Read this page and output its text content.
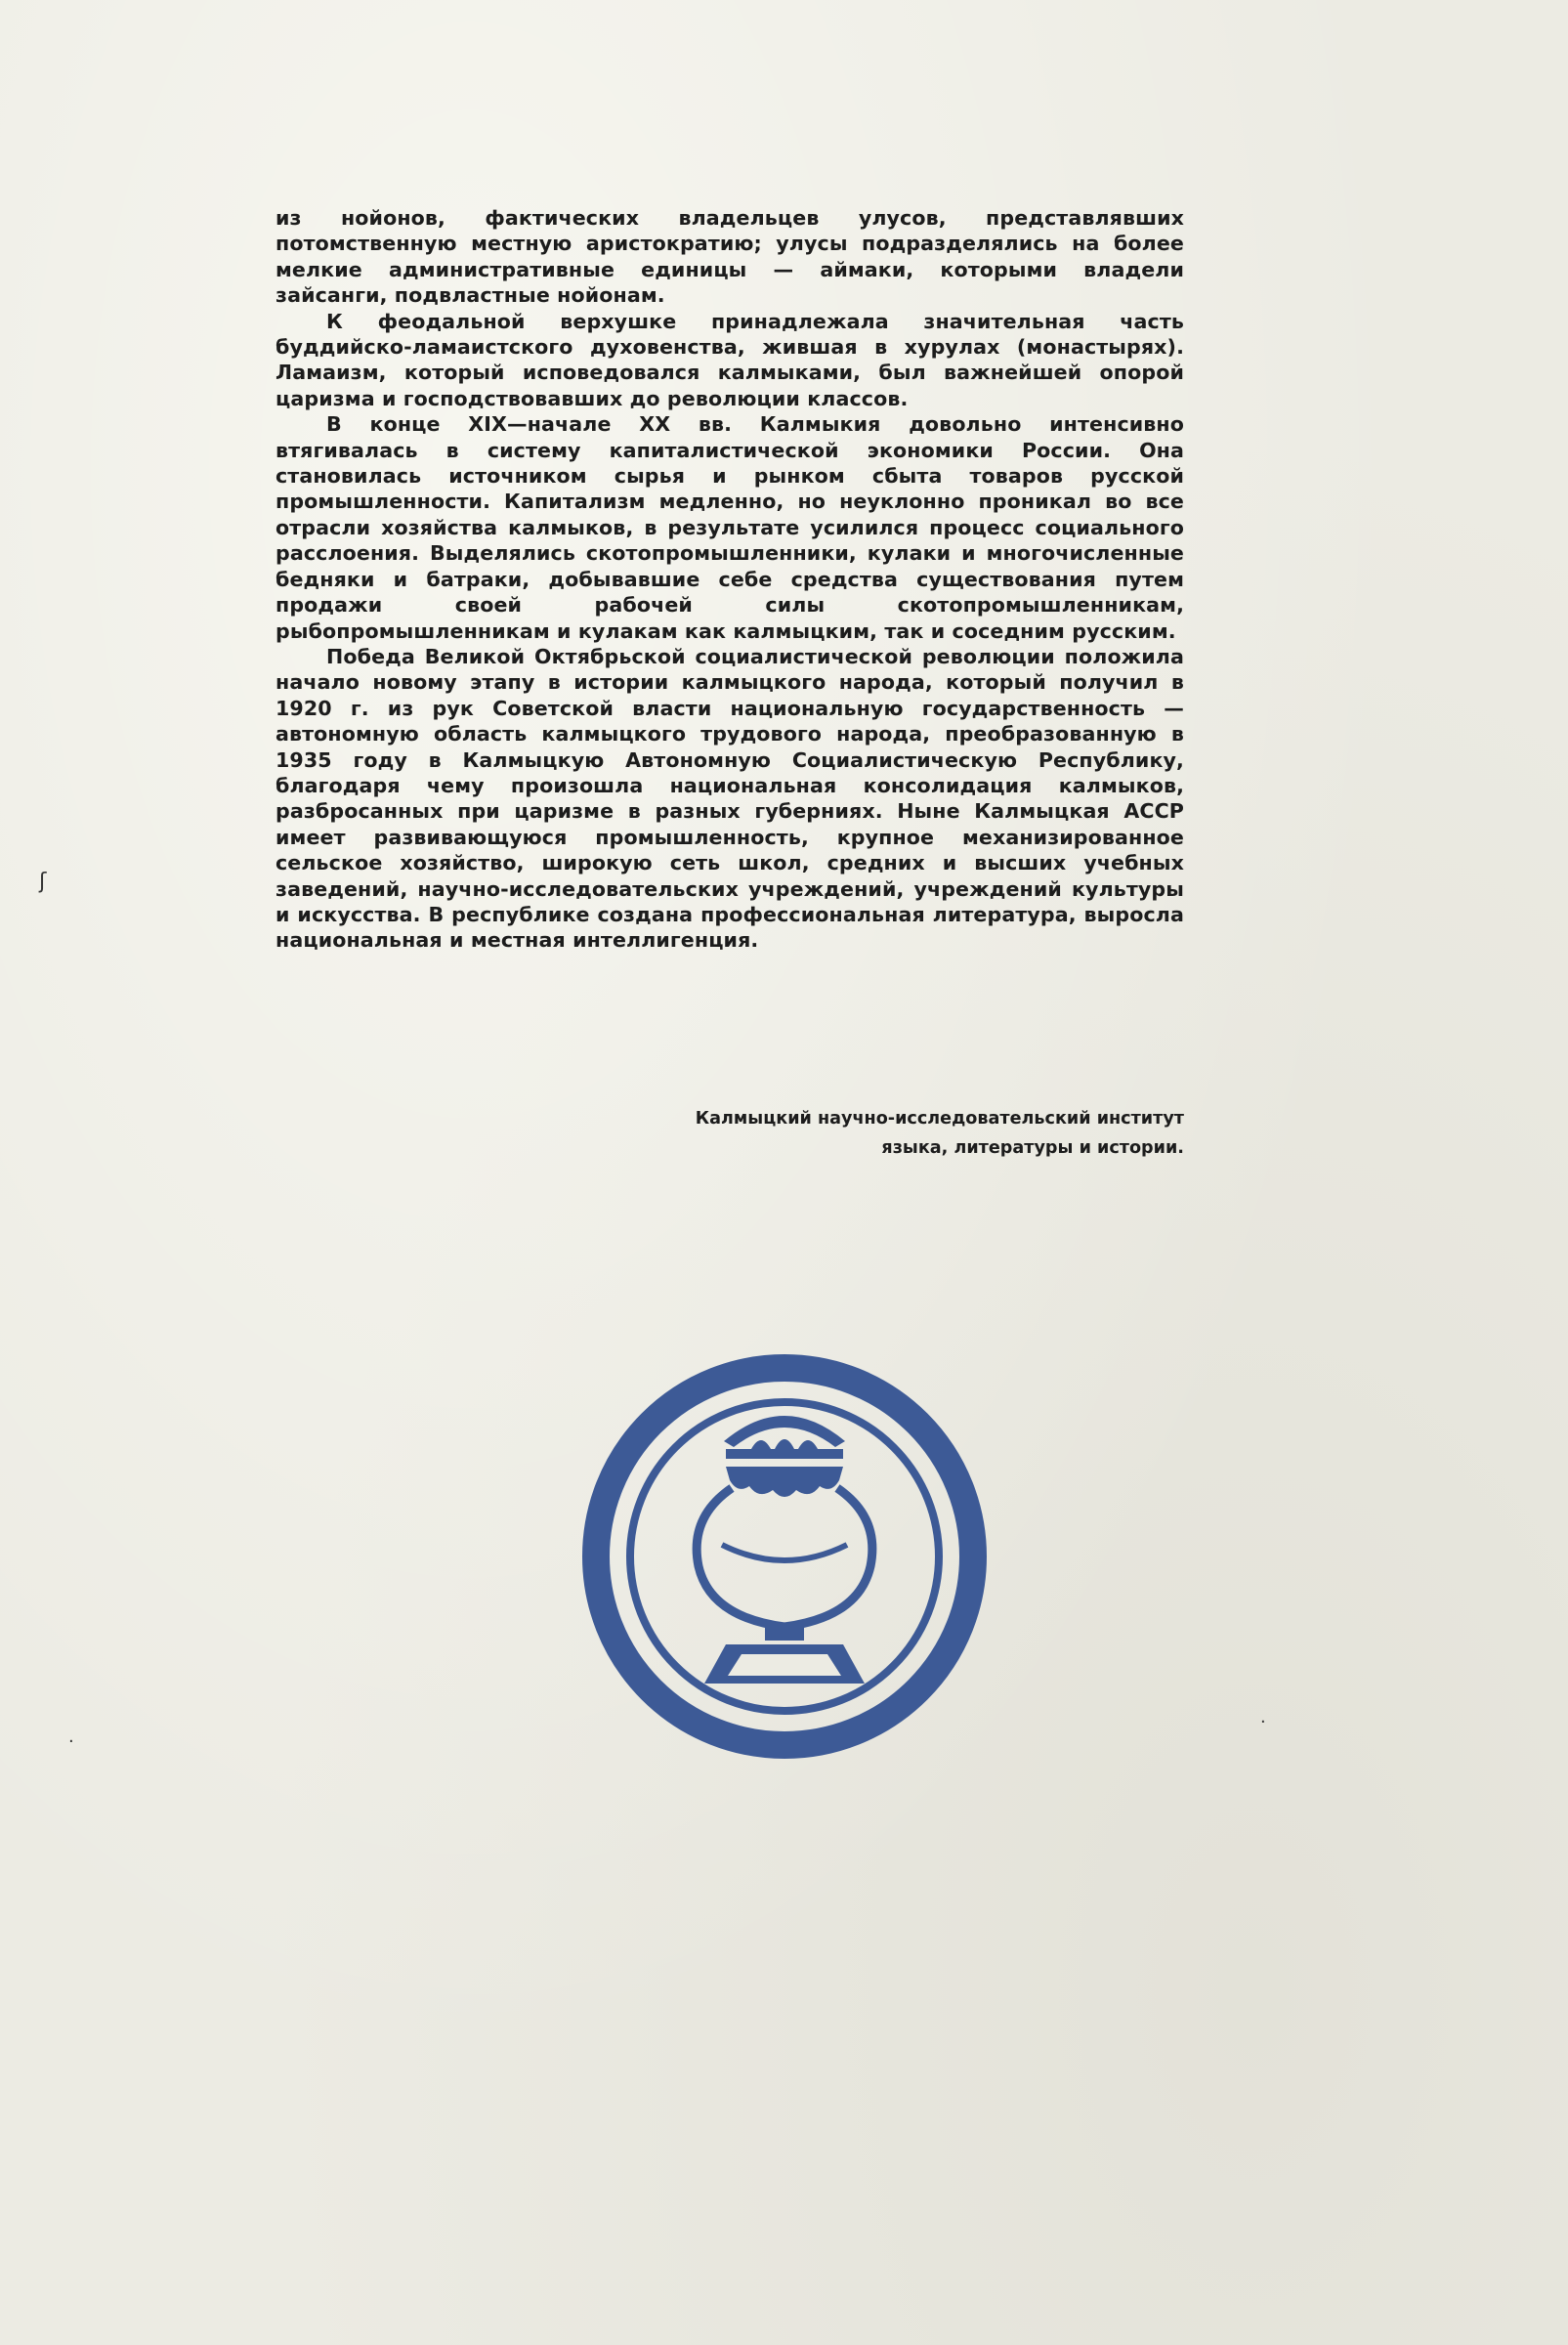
из нойонов, фактических владельцев улусов, представлявших потомственную местную аристократию; улусы подразделялись на более мелкие административные единицы — аймаки, которыми владели зайсанги, подвластные нойонам.

К феодальной верхушке принадлежала значительная часть буддийско-ламаистского духовенства, жившая в хурулах (монастырях). Ламаизм, который исповедовался калмыками, был важнейшей опорой царизма и господствовавших до революции классов.

В конце XIX—начале XX вв. Калмыкия довольно интенсивно втягивалась в систему капиталистической экономики России. Она становилась источником сырья и рынком сбыта товаров русской промышленности. Капитализм медленно, но неуклонно проникал во все отрасли хозяйства калмыков, в результате усилился процесс социального расслоения. Выделялись скотопромышленники, кулаки и многочисленные бедняки и батраки, добывавшие себе средства существования путем продажи своей рабочей силы скотопромышленникам, рыбопромышленникам и кулакам как калмыцким, так и соседним русским.

Победа Великой Октябрьской социалистической революции положила начало новому этапу в истории калмыцкого народа, который получил в 1920 г. из рук Советской власти национальную государственность — автономную область калмыцкого трудового народа, преобразованную в 1935 году в Калмыцкую Автономную Социалистическую Республику, благодаря чему произошла национальная консолидация калмыков, разбросанных при царизме в разных губерниях. Ныне Калмыцкая АССР имеет развивающуюся промышленность, крупное механизированное сельское хозяйство, широкую сеть школ, средних и высших учебных заведений, научно-исследовательских учреждений, учреждений культуры и искусства. В республике создана профессиональная литература, выросла национальная и местная интеллигенция.

Калмыцкий научно-исследовательский институт
языка, литературы и истории.
ʃ
·
·
